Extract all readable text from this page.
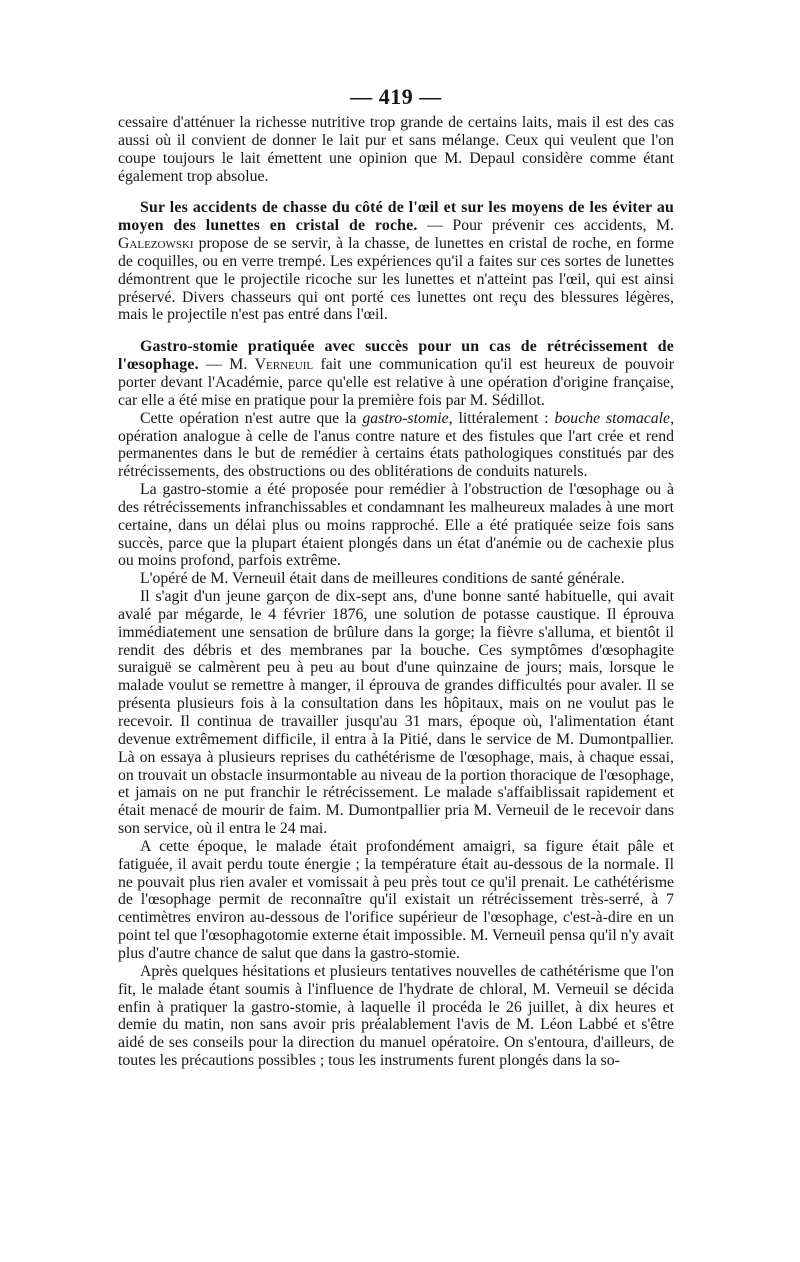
— 419 —

cessaire d'atténuer la richesse nutritive trop grande de certains laits, mais il est des cas aussi où il convient de donner le lait pur et sans mélange. Ceux qui veulent que l'on coupe toujours le lait émettent une opinion que M. Depaul considère comme étant également trop absolue.

Sur les accidents de chasse du côté de l'œil et sur les moyens de les éviter au moyen des lunettes en cristal de roche. — Pour prévenir ces accidents, M. Galezowski propose de se servir, à la chasse, de lunettes en cristal de roche, en forme de coquilles, ou en verre trempé. Les expériences qu'il a faites sur ces sortes de lunettes démontrent que le projectile ricoche sur les lunettes et n'atteint pas l'œil, qui est ainsi préservé. Divers chasseurs qui ont porté ces lunettes ont reçu des blessures légères, mais le projectile n'est pas entré dans l'œil.

Gastro-stomie pratiquée avec succès pour un cas de rétrécissement de l'œsophage. — M. Verneuil fait une communication qu'il est heureux de pouvoir porter devant l'Académie, parce qu'elle est relative à une opération d'origine française, car elle a été mise en pratique pour la première fois par M. Sédillot.

Cette opération n'est autre que la gastro-stomie, littéralement : bouche stomacale, opération analogue à celle de l'anus contre nature et des fistules que l'art crée et rend permanentes dans le but de remédier à certains états pathologiques constitués par des rétrécissements, des obstructions ou des oblitérations de conduits naturels.

La gastro-stomie a été proposée pour remédier à l'obstruction de l'œsophage ou à des rétrécissements infranchissables et condamnant les malheureux malades à une mort certaine, dans un délai plus ou moins rapproché. Elle a été pratiquée seize fois sans succès, parce que la plupart étaient plongés dans un état d'anémie ou de cachexie plus ou moins profond, parfois extrême.

L'opéré de M. Verneuil était dans de meilleures conditions de santé générale.

Il s'agit d'un jeune garçon de dix-sept ans, d'une bonne santé habituelle, qui avait avalé par mégarde, le 4 février 1876, une solution de potasse caustique. Il éprouva immédiatement une sensation de brûlure dans la gorge; la fièvre s'alluma, et bientôt il rendit des débris et des membranes par la bouche. Ces symptômes d'œsophagite suraiguë se calmèrent peu à peu au bout d'une quinzaine de jours; mais, lorsque le malade voulut se remettre à manger, il éprouva de grandes difficultés pour avaler. Il se présenta plusieurs fois à la consultation dans les hôpitaux, mais on ne voulut pas le recevoir. Il continua de travailler jusqu'au 31 mars, époque où, l'alimentation étant devenue extrêmement difficile, il entra à la Pitié, dans le service de M. Dumontpallier. Là on essaya à plusieurs reprises du cathétérisme de l'œsophage, mais, à chaque essai, on trouvait un obstacle insurmontable au niveau de la portion thoracique de l'œsophage, et jamais on ne put franchir le rétrécissement. Le malade s'affaiblissait rapidement et était menacé de mourir de faim. M. Dumontpallier pria M. Verneuil de le recevoir dans son service, où il entra le 24 mai.

A cette époque, le malade était profondément amaigri, sa figure était pâle et fatiguée, il avait perdu toute énergie ; la température était au-dessous de la normale. Il ne pouvait plus rien avaler et vomissait à peu près tout ce qu'il prenait. Le cathétérisme de l'œsophage permit de reconnaître qu'il existait un rétrécissement très-serré, à 7 centimètres environ au-dessous de l'orifice supérieur de l'œsophage, c'est-à-dire en un point tel que l'œsophagotomie externe était impossible. M. Verneuil pensa qu'il n'y avait plus d'autre chance de salut que dans la gastro-stomie.

Après quelques hésitations et plusieurs tentatives nouvelles de cathétérisme que l'on fit, le malade étant soumis à l'influence de l'hydrate de chloral, M. Verneuil se décida enfin à pratiquer la gastro-stomie, à laquelle il procéda le 26 juillet, à dix heures et demie du matin, non sans avoir pris préalablement l'avis de M. Léon Labbé et s'être aidé de ses conseils pour la direction du manuel opératoire. On s'entoura, d'ailleurs, de toutes les précautions possibles ; tous les instruments furent plongés dans la so-
